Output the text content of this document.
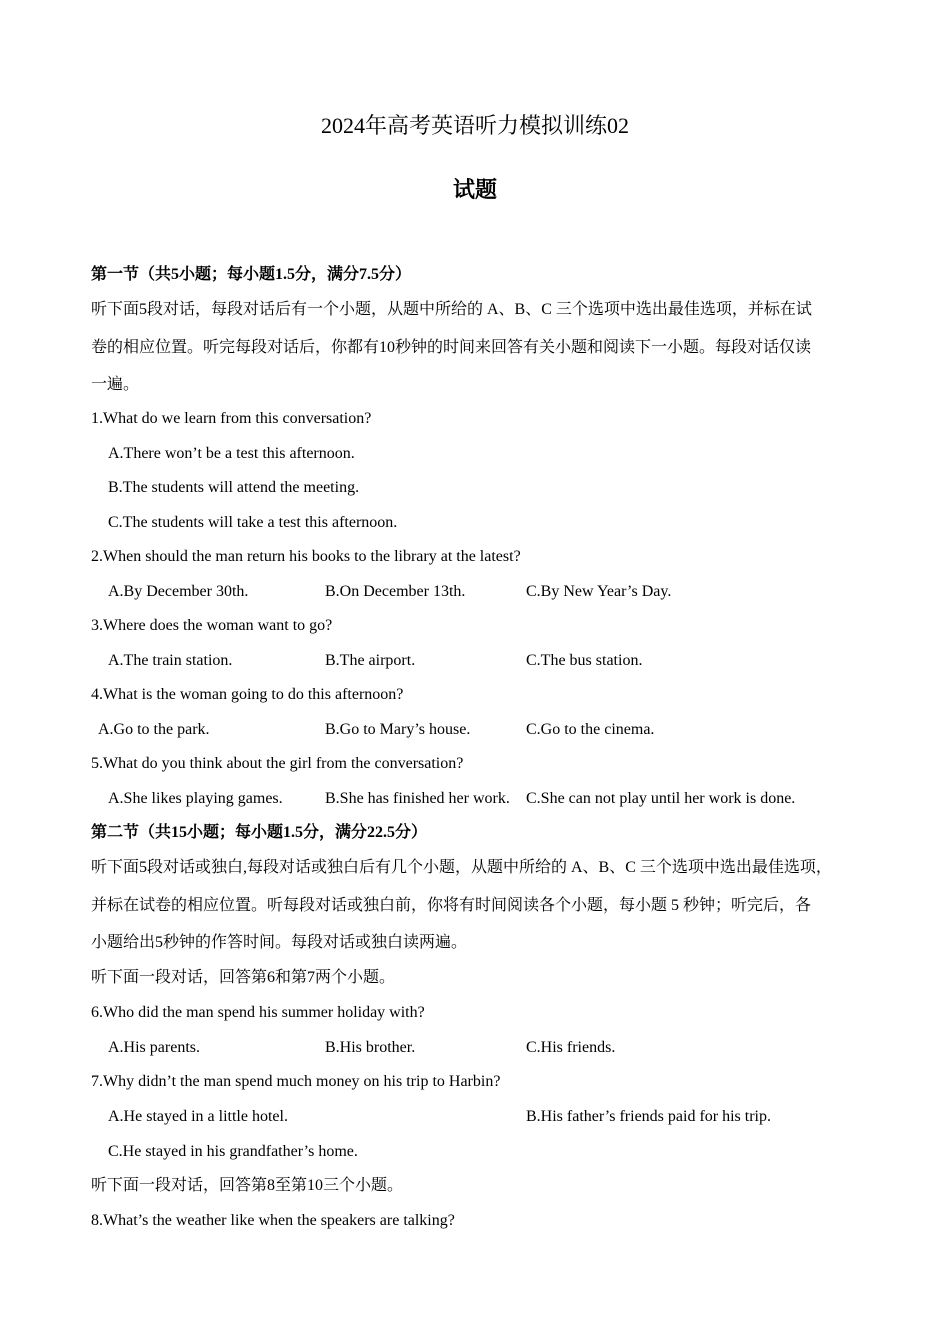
2024年高考英语听力模拟训练02
试题
第一节（共5小题；每小题1.5分，满分7.5分）
听下面5段对话，每段对话后有一个小题，从题中所给的 A、B、C 三个选项中选出最佳选项，并标在试
卷的相应位置。听完每段对话后，你都有10秒钟的时间来回答有关小题和阅读下一小题。每段对话仅读
一遍。
1.What do we learn from this conversation?
A.There won’t be a test this afternoon.
B.The students will attend the meeting.
C.The students will take a test this afternoon.
2.When should the man return his books to the library at the latest?
A.By December 30th.	B.On December 13th.	C.By New Year’s Day.
3.Where does the woman want to go?
A.The train station.	B.The airport.	C.The bus station.
4.What is the woman going to do this afternoon?
A.Go to the park.	B.Go to Mary’s house.	C.Go to the cinema.
5.What do you think about the girl from the conversation?
A.She likes playing games.	B.She has finished her work. C.She can not play until her work is done.
第二节（共15小题；每小题1.5分，满分22.5分）
听下面5段对话或独白,每段对话或独白后有几个小题，从题中所给的 A、B、C 三个选项中选出最佳选项，
并标在试卷的相应位置。听每段对话或独白前，你将有时间阅读各个小题，每小题 5 秒钟；听完后，各
小题给出5秒钟的作答时间。每段对话或独白读两遍。
听下面一段对话，回答第6和第7两个小题。
6.Who did the man spend his summer holiday with?
A.His parents.	B.His brother.	C.His friends.
7.Why didn’t the man spend much money on his trip to Harbin?
A.He stayed in a little hotel.	B.His father’s friends paid for his trip.
C.He stayed in his grandfather’s home.
听下面一段对话，回答第8至第10三个小题。
8.What’s the weather like when the speakers are talking?
